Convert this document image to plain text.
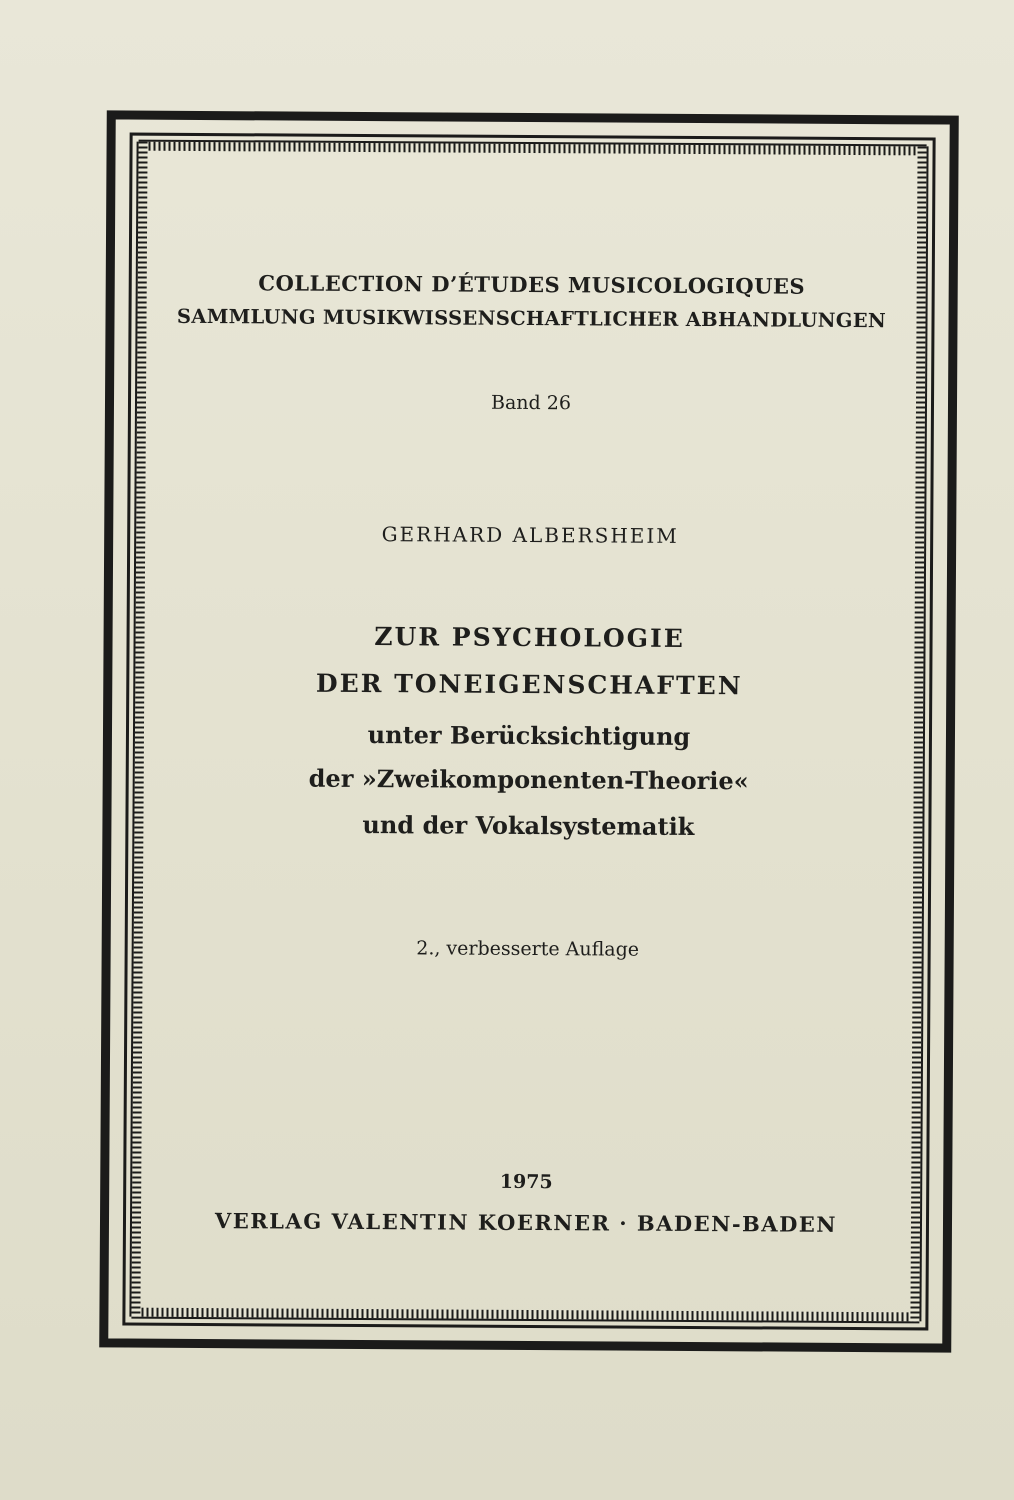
COLLECTION D’ÉTUDES MUSICOLOGIQUES
SAMMLUNG MUSIKWISSENSCHAFTLICHER ABHANDLUNGEN
Band 26
GERHARD ALBERSHEIM
ZUR PSYCHOLOGIE
DER TONEIGENSCHAFTEN
unter Berücksichtigung
der »Zweikomponenten-Theorie«
und der Vokalsystematik
2., verbesserte Auflage
1975
VERLAG VALENTIN KOERNER · BADEN-BADEN
